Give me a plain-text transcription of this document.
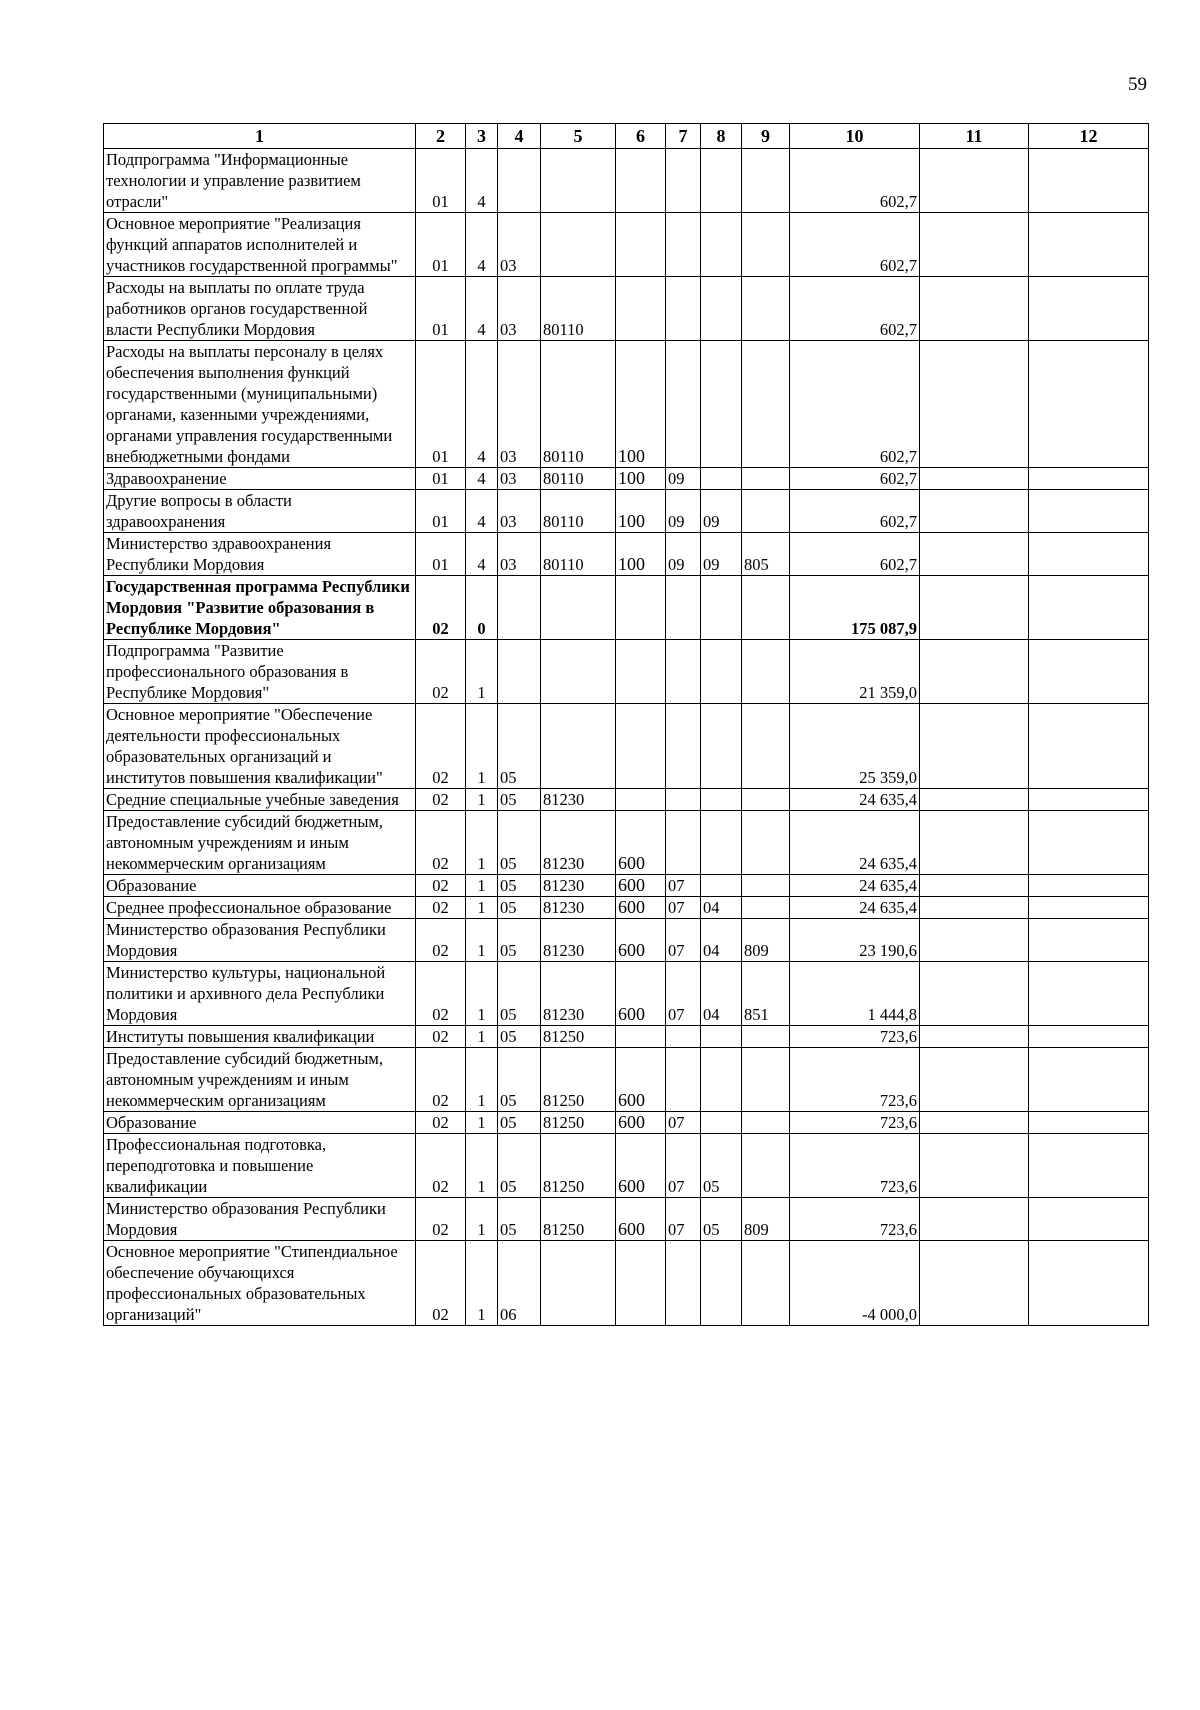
59
1	2	3	4	5	6	7	8	9	10	11	12
Подпрограмма "Информационные технологии и управление развитием отрасли"	01	4							602,7		
Основное мероприятие "Реализация функций аппаратов исполнителей и участников государственной программы"	01	4	03						602,7		
Расходы на выплаты по оплате труда работников органов государственной власти Республики Мордовия	01	4	03	80110					602,7		
Расходы на выплаты персоналу в целях обеспечения выполнения функций государственными (муниципальными) органами, казенными учреждениями, органами управления государственными внебюджетными фондами	01	4	03	80110	100				602,7		
Здравоохранение	01	4	03	80110	100	09			602,7		
Другие вопросы в области здравоохранения	01	4	03	80110	100	09	09		602,7		
Министерство здравоохранения Республики Мордовия	01	4	03	80110	100	09	09	805	602,7		
Государственная программа Республики Мордовия "Развитие образования в Республике Мордовия"	02	0							175 087,9		
Подпрограмма "Развитие профессионального образования в Республике Мордовия"	02	1							21 359,0		
Основное мероприятие "Обеспечение деятельности профессиональных образовательных организаций и институтов повышения квалификации"	02	1	05						25 359,0		
Средние специальные учебные заведения	02	1	05	81230					24 635,4		
Предоставление субсидий бюджетным, автономным учреждениям и иным некоммерческим организациям	02	1	05	81230	600				24 635,4		
Образование	02	1	05	81230	600	07			24 635,4		
Среднее профессиональное образование	02	1	05	81230	600	07	04		24 635,4		
Министерство образования Республики Мордовия	02	1	05	81230	600	07	04	809	23 190,6		
Министерство культуры, национальной политики и архивного дела Республики Мордовия	02	1	05	81230	600	07	04	851	1 444,8		
Институты повышения квалификации	02	1	05	81250					723,6		
Предоставление субсидий бюджетным, автономным учреждениям и иным некоммерческим организациям	02	1	05	81250	600				723,6		
Образование	02	1	05	81250	600	07			723,6		
Профессиональная подготовка, переподготовка и повышение квалификации	02	1	05	81250	600	07	05		723,6		
Министерство образования Республики Мордовия	02	1	05	81250	600	07	05	809	723,6		
Основное мероприятие "Стипендиальное обеспечение обучающихся профессиональных образовательных организаций"	02	1	06						-4 000,0		
